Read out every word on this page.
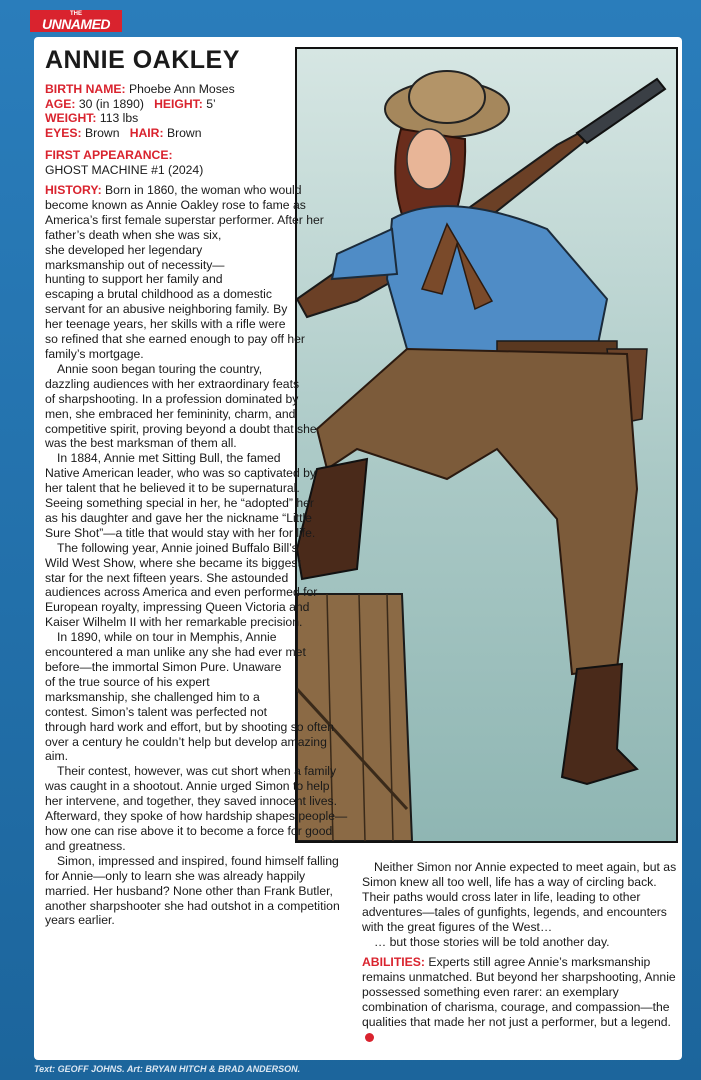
THE
UNNAMED
ANNIE OAKLEY
BIRTH NAME: Phoebe Ann Moses
AGE: 30 (in 1890) HEIGHT: 5’
WEIGHT: 113 lbs
EYES: Brown HAIR: Brown
FIRST APPEARANCE:
GHOST MACHINE #1 (2024)

HISTORY: Born in 1860, the woman who would become known as Annie Oakley rose to fame as America’s first female superstar performer. After her father’s death when she was six, she developed her legendary marksmanship out of necessity—hunting to support her family and escaping a brutal childhood as a domestic servant for an abusive neighboring family. By her teenage years, her skills with a rifle were so refined that she earned enough to pay off her family’s mortgage.

Annie soon began touring the country, dazzling audiences with her extraordinary feats of sharpshooting. In a profession dominated by men, she embraced her femininity, charm, and competitive spirit, proving beyond a doubt that she was the best marksman of them all.

In 1884, Annie met Sitting Bull, the famed Native American leader, who was so captivated by her talent that he believed it to be supernatural. Seeing something special in her, he “adopted” her as his daughter and gave her the nickname “Little Sure Shot”—a title that would stay with her for life.

The following year, Annie joined Buffalo Bill’s Wild West Show, where she became its biggest star for the next fifteen years. She astounded audiences across America and even performed for European royalty, impressing Queen Victoria and Kaiser Wilhelm II with her remarkable precision.

In 1890, while on tour in Memphis, Annie encountered a man unlike any she had ever met before—the immortal Simon Pure. Unaware of the true source of his expert marksmanship, she challenged him to a contest. Simon’s talent was perfected not through hard work and effort, but by shooting so often over a century he couldn’t help but develop amazing aim.

Their contest, however, was cut short when a family was caught in a shootout. Annie urged Simon to help her intervene, and together, they saved innocent lives. Afterward, they spoke of how hardship shapes people—how one can rise above it to become a force for good and greatness.

Simon, impressed and inspired, found himself falling for Annie—only to learn she was already happily married. Her husband? None other than Frank Butler, another sharpshooter she had outshot in a competition years earlier.

Neither Simon nor Annie expected to meet again, but as Simon knew all too well, life has a way of circling back. Their paths would cross later in life, leading to other adventures—tales of gunfights, legends, and encounters with the great figures of the West…

… but those stories will be told another day.

ABILITIES: Experts still agree Annie’s marksmanship remains unmatched. But beyond her sharpshooting, Annie possessed something even rarer: an exemplary combination of charisma, courage, and compassion—the qualities that made her not just a performer, but a legend.

Text: GEOFF JOHNS. Art: BRYAN HITCH & BRAD ANDERSON.
